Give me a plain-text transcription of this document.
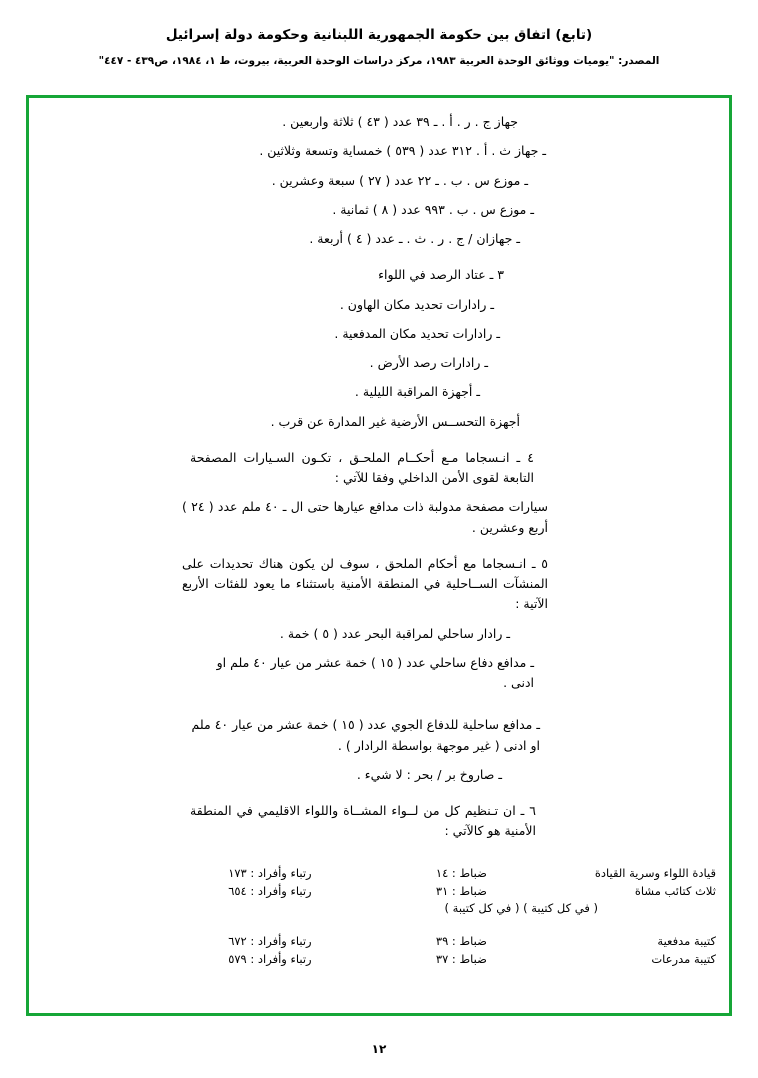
(تابع) اتفاق بين حكومة الجمهورية اللبنانية وحكومة دولة إسرائيل
المصدر: "يوميات ووثائق الوحدة العربية ١٩٨٣، مركز دراسات الوحدة العربية، بيروت، ط ١، ١٩٨٤، ص٤٣٩ - ٤٤٧"
جهاز ج . ر . أ . ـ ٣٩ عدد ( ٤٣ ) ثلاثة واربعين .
ـ جهاز ث . أ . ٣١٢ عدد ( ٥٣٩ ) خمساية وتسعة وثلاثين .
ـ موزع س . ب . ـ ٢٢ عدد ( ٢٧ ) سبعة وعشرين .
ـ موزع س . ب . ٩٩٣ عدد ( ٨ ) ثمانية .
ـ جهازان / ج . ر . ث . ـ عدد ( ٤ ) أربعة .
٣ ـ عتاد الرصد في اللواء
ـ رادارات تحديد مكان الهاون .
ـ رادارات تحديد مكان المدفعية .
ـ رادارات رصد الأرض .
ـ أجهزة المراقبة الليلية .
أجهزة التحســس الأرضية غير المدارة عن قرب .
٤ ـ انـسجاما مـع أحكــام الملحـق ، تكـون السـيارات المصفحة التابعة لقوى الأمن الداخلي وفقا للآتي :
سيارات مصفحة مدولبة ذات مدافع عيارها حتى ال ـ ٤٠ ملم عدد ( ٢٤ ) أربع وعشرين .
٥ ـ انـسجاما مع أحكام الملحق ، سوف لن يكون هناك تحديدات على المنشآت الســاحلية في المنطقة الأمنية باستثناء ما يعود للفئات الأربع الآتية :
ـ رادار ساحلي لمراقبة البحر عدد ( ٥ ) خمة .
ـ مدافع دفاع ساحلي عدد ( ١٥ ) خمة عشر من عيار ٤٠ ملم او ادنى .
ـ مدافع ساحلية للدفاع الجوي عدد ( ١٥ ) خمة عشر من عيار ٤٠ ملم او ادنى ( غير موجهة بواسطة الرادار ) .
ـ صاروخ بر / بحر : لا شيء .
٦ ـ ان تـنظيم كل من لــواء المشــاة واللواء الاقليمي في المنطقة الأمنية هو كالآتي :
قيادة اللواء وسرية القيادة	ضباط : ١٤	رتباء وأفراد : ١٧٣
ثلاث كتائب مشاة	ضباط : ٣١	رتباء وأفراد : ٦٥٤
( في كل كتيبة ) ( في كل كتيبة )
كتيبة مدفعية	ضباط : ٣٩	رتباء وأفراد : ٦٧٢
كتيبة مدرعات	ضباط : ٣٧	رتباء وأفراد : ٥٧٩
١٢
